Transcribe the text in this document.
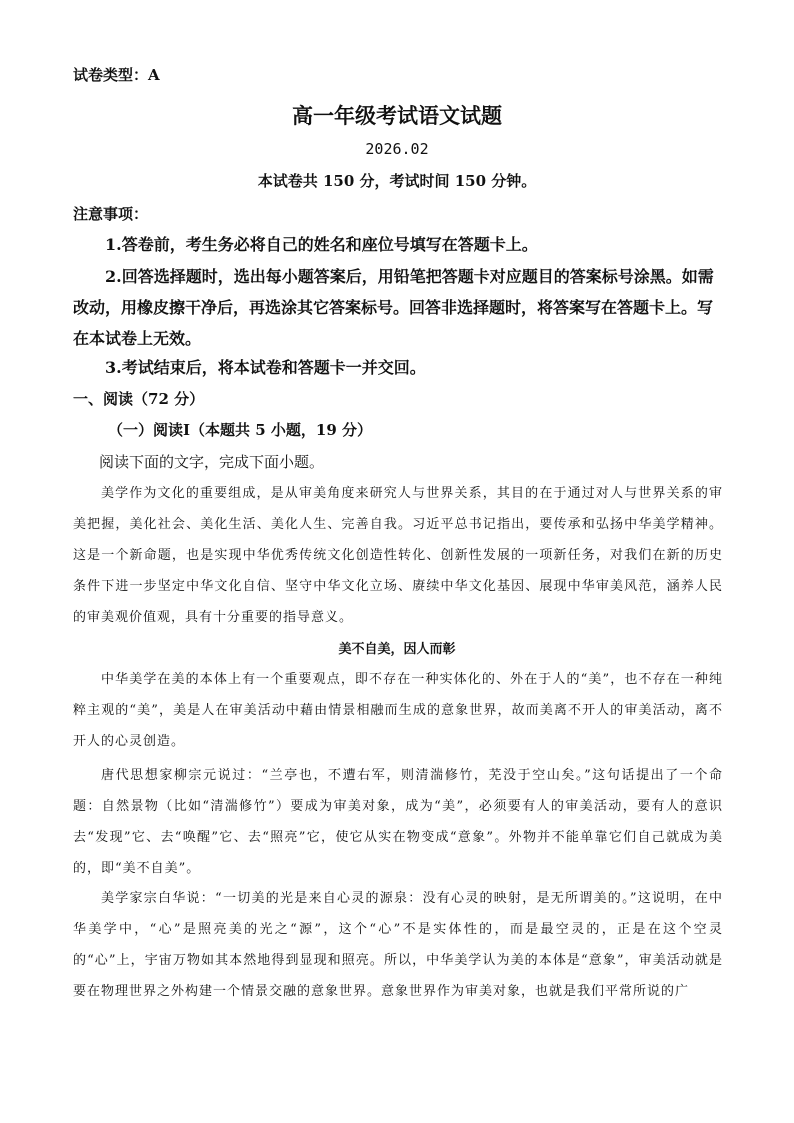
试卷类型：A
高一年级考试语文试题
2026.02
本试卷共 150 分，考试时间 150 分钟。
注意事项：
1.答卷前，考生务必将自己的姓名和座位号填写在答题卡上。
2.回答选择题时，选出每小题答案后，用铅笔把答题卡对应题目的答案标号涂黑。如需改动，用橡皮擦干净后，再选涂其它答案标号。回答非选择题时，将答案写在答题卡上。写在本试卷上无效。
3.考试结束后，将本试卷和答题卡一并交回。
一、阅读（72 分）
（一）阅读Ⅰ（本题共 5 小题，19 分）
阅读下面的文字，完成下面小题。
美学作为文化的重要组成，是从审美角度来研究人与世界关系，其目的在于通过对人与世界关系的审美把握，美化社会、美化生活、美化人生、完善自我。习近平总书记指出，要传承和弘扬中华美学精神。这是一个新命题，也是实现中华优秀传统文化创造性转化、创新性发展的一项新任务，对我们在新的历史条件下进一步坚定中华文化自信、坚守中华文化立场、赓续中华文化基因、展现中华审美风范，涵养人民的审美观价值观，具有十分重要的指导意义。
美不自美，因人而彰
中华美学在美的本体上有一个重要观点，即不存在一种实体化的、外在于人的“美”，也不存在一种纯粹主观的“美”，美是人在审美活动中藉由情景相融而生成的意象世界，故而美离不开人的审美活动，离不开人的心灵创造。
唐代思想家柳宗元说过：“兰亭也，不遭右军，则清湍修竹，芜没于空山矣。”这句话提出了一个命题：自然景物（比如“清湍修竹”）要成为审美对象，成为“美”，必须要有人的审美活动，要有人的意识去“发现”它、去“唤醒”它、去“照亮”它，使它从实在物变成“意象”。外物并不能单靠它们自己就成为美的，即“美不自美”。
美学家宗白华说：“一切美的光是来自心灵的源泉：没有心灵的映射，是无所谓美的。”这说明，在中华美学中，“心”是照亮美的光之“源”，这个“心”不是实体性的，而是最空灵的，正是在这个空灵的“心”上，宇宙万物如其本然地得到显现和照亮。所以，中华美学认为美的本体是“意象”，审美活动就是要在物理世界之外构建一个情景交融的意象世界。意象世界作为审美对象，也就是我们平常所说的广
